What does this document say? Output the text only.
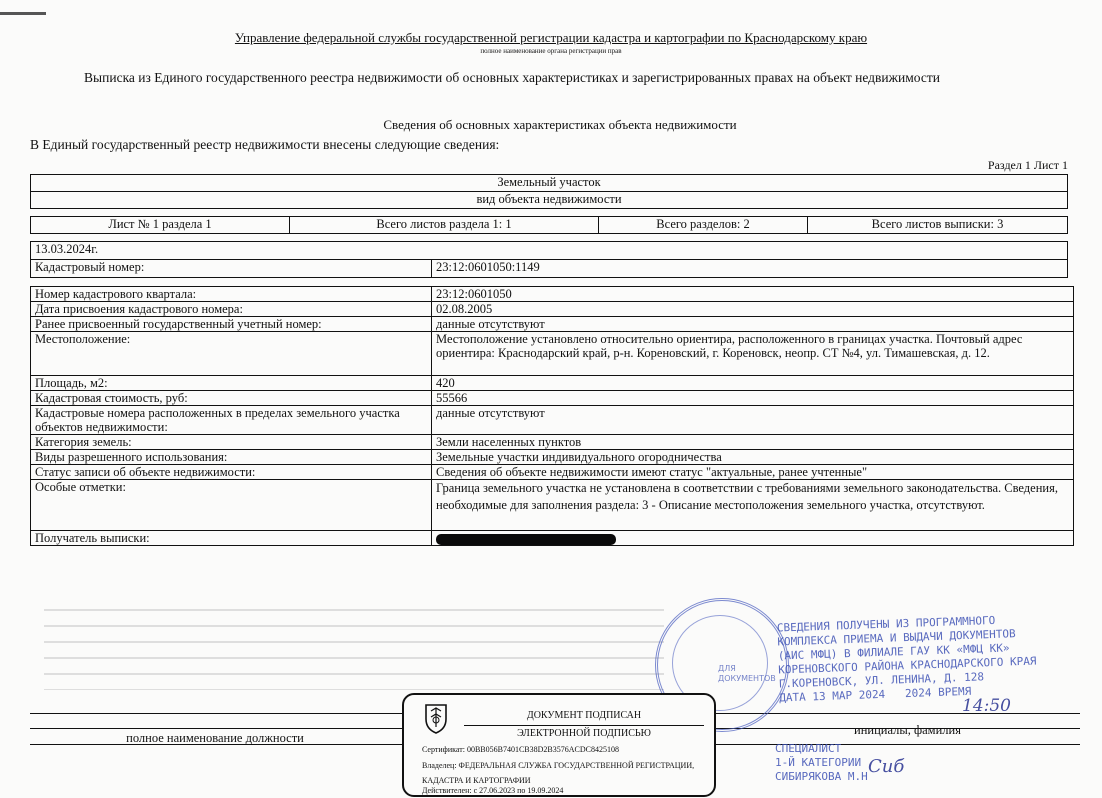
Управление федеральной службы государственной регистрации кадастра и картографии по Краснодарскому краю
полное наименование органа регистрации прав
Выписка из Единого государственного реестра недвижимости об основных характеристиках и зарегистрированных правах на объект недвижимости
Сведения об основных характеристиках объекта недвижимости
В Единый государственный реестр недвижимости внесены следующие сведения:
Раздел 1 Лист 1
Земельный участок
вид объекта недвижимости
Лист № 1 раздела 1	Всего листов раздела 1: 1	Всего разделов: 2	Всего листов выписки: 3
13.03.2024г.
Кадастровый номер:	23:12:0601050:1149
Номер кадастрового квартала:	23:12:0601050
Дата присвоения кадастрового номера:	02.08.2005
Ранее присвоенный государственный учетный номер:	данные отсутствуют
Местоположение:	Местоположение установлено относительно ориентира, расположенного в границах участка. Почтовый адрес ориентира: Краснодарский край, р-н. Кореновский, г. Кореновск, неопр. СТ №4, ул. Тимашевская, д. 12.
Площадь, м2:	420
Кадастровая стоимость, руб:	55566
Кадастровые номера расположенных в пределах земельного участка объектов недвижимости:	данные отсутствуют
Категория земель:	Земли населенных пунктов
Виды разрешенного использования:	Земельные участки индивидуального огородничества
Статус записи об объекте недвижимости:	Сведения об объекте недвижимости имеют статус "актуальные, ранее учтенные"
Особые отметки:	Граница земельного участка не установлена в соответствии с требованиями земельного законодательства. Сведения, необходимые для заполнения раздела: 3 - Описание местоположения земельного участка, отсутствуют.
Получатель выписки:	
полное наименование должности
инициалы, фамилия
ДЛЯ
ДОКУМЕНТОВ
СВЕДЕНИЯ ПОЛУЧЕНЫ ИЗ ПРОГРАММНОГО
КОМПЛЕКСА ПРИЕМА И ВЫДАЧИ ДОКУМЕНТОВ
(АИС МФЦ) В ФИЛИАЛЕ ГАУ КК «МФЦ КК»
КОРЕНОВСКОГО РАЙОНА КРАСНОДАРСКОГО КРАЯ
Г.КОРЕНОВСК, УЛ. ЛЕНИНА, Д. 128
ДАТА 13 МАР 2024   2024 ВРЕМЯ
14:50
СПЕЦИАЛИСТ
1-Й КАТЕГОРИИ
СИБИРЯКОВА М.Н Сиб
ДОКУМЕНТ ПОДПИСАН
ЭЛЕКТРОННОЙ ПОДПИСЬЮ
Сертификат: 00BB056B7401CB38D2B3576ACDC8425108
Владелец: ФЕДЕРАЛЬНАЯ СЛУЖБА ГОСУДАРСТВЕННОЙ РЕГИСТРАЦИИ, КАДАСТРА И КАРТОГРАФИИ
Действителен: с 27.06.2023 по 19.09.2024
